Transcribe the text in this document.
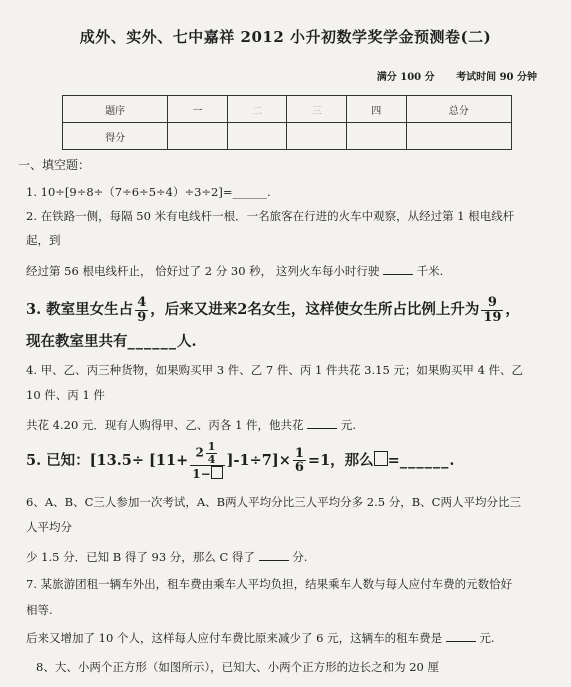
成外、实外、七中嘉祥 2012 小升初数学奖学金预测卷(二)
满分 100 分 考试时间 90 分钟
题序	一	二	三	四	总分
得分					
一、填空题：
1. 10÷[9÷8÷（7÷6÷5÷4）÷3÷2]=______.
2. 在铁路一侧，每隔 50 米有电线杆一根．一名旅客在行进的火车中观察，从经过第 1 根电线杆
起，到
经过第 56 根电线杆止， 恰好过了 2 分 30 秒， 这列火车每小时行驶	千米.
3. 教室里女生占 $\frac{4}{9}$ ，后来又进来2名女生，这样使女生所占比例上升为 $\frac{9}{19}$ ，
现在教室里共有______人.
4. 甲、乙、丙三种货物，如果购买甲 3 件、乙 7 件、丙 1 件共花 3.15 元；如果购买甲 4 件、乙
10 件、丙 1 件
共花 4.20 元．现有人购得甲、乙、丙各 1 件，他共花	元.
5. 已知：$[13.5\div [11+ \frac{2 \frac{1}{4}}{1-} ]-1\div 7]\times \frac{1}{6} =1$，那么 =______.
6、A、B、C三人参加一次考试，A、B两人平均分比三人平均分多 2.5 分，B、C两人平均分比三
人平均分
少 1.5 分．已知 B 得了 93 分，那么 C 得了	分.
7. 某旅游团租一辆车外出，租车费由乘车人平均负担，结果乘车人数与每人应付车费的元数恰好
相等.
后来又增加了 10 个人，这样每人应付车费比原来减少了 6 元，这辆车的租车费是	元.
8、大、小两个正方形（如图所示），已知大、小两个正方形的边长之和为 20 厘
